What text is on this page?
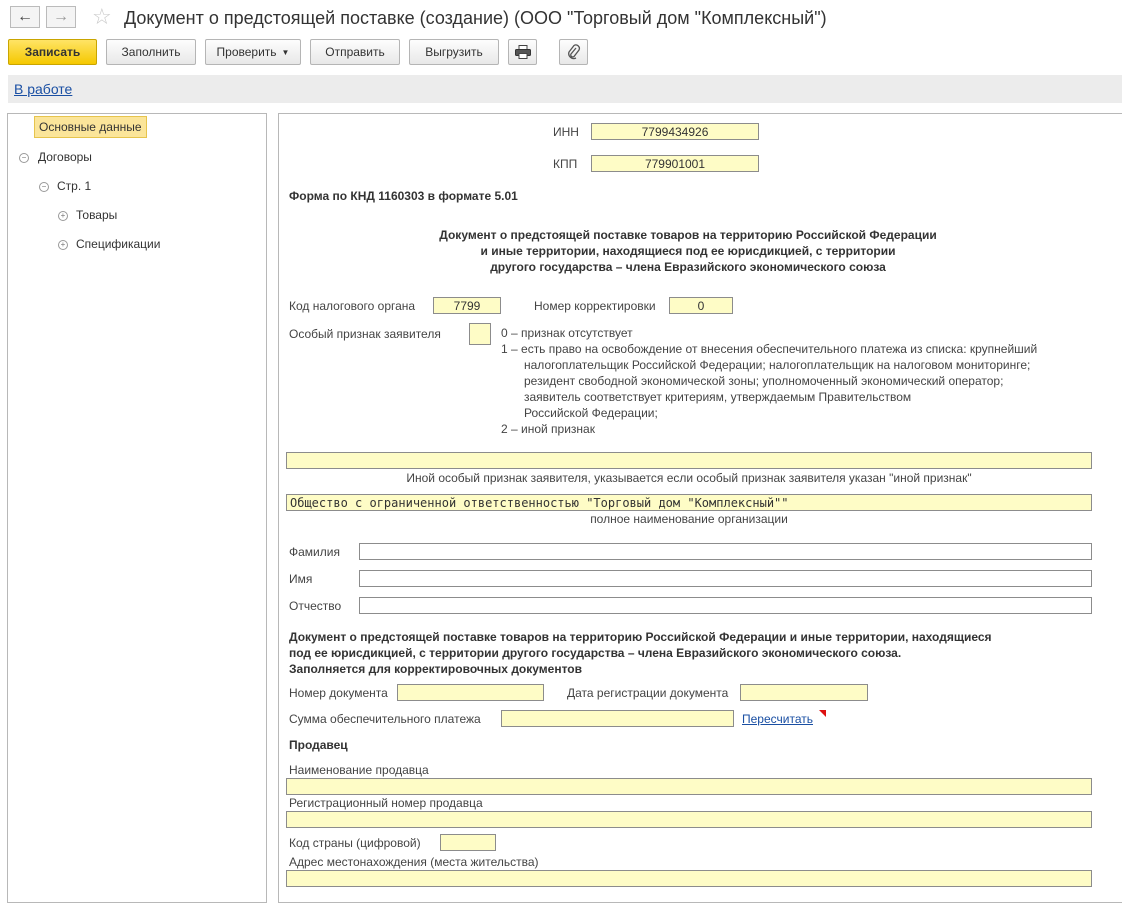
← → ☆ Документ о предстоящей поставке (создание) (ООО "Торговый дом "Комплексный")
Записать	Заполнить	Проверить ▼	Отправить	Выгрузить
В работе
Основные данные
− Договоры
− Стр. 1
+ Товары
+ Спецификации
ИНН	7799434926
КПП	779901001
Форма по КНД 1160303 в формате 5.01
Документ о предстоящей поставке товаров на территорию Российской Федерации
и иные территории, находящиеся под ее юрисдикцией, с территории
другого государства – члена Евразийского экономического союза
Код налогового органа	7799	Номер корректировки	0
Особый признак заявителя	0 – признак отсутствует
1 – есть право на освобождение от внесения обеспечительного платежа из списка: крупнейший
налогоплательщик Российской Федерации; налогоплательщик на налоговом мониторинге;
резидент свободной экономической зоны; уполномоченный экономический оператор;
заявитель соответствует критериям, утверждаемым Правительством
Российской Федерации;
2 – иной признак
Иной особый признак заявителя, указывается если особый признак заявителя указан "иной признак"
Общество с ограниченной ответственностью "Торговый дом "Комплексный""
полное наименование организации
Фамилия
Имя
Отчество
Документ о предстоящей поставке товаров на территорию Российской Федерации и иные территории, находящиеся
под ее юрисдикцией, с территории другого государства – члена Евразийского экономического союза.
Заполняется для корректировочных документов
Номер документа	Дата регистрации документа
Сумма обеспечительного платежа	Пересчитать
Продавец
Наименование продавца
Регистрационный номер продавца
Код страны (цифровой)
Адрес местонахождения (места жительства)
